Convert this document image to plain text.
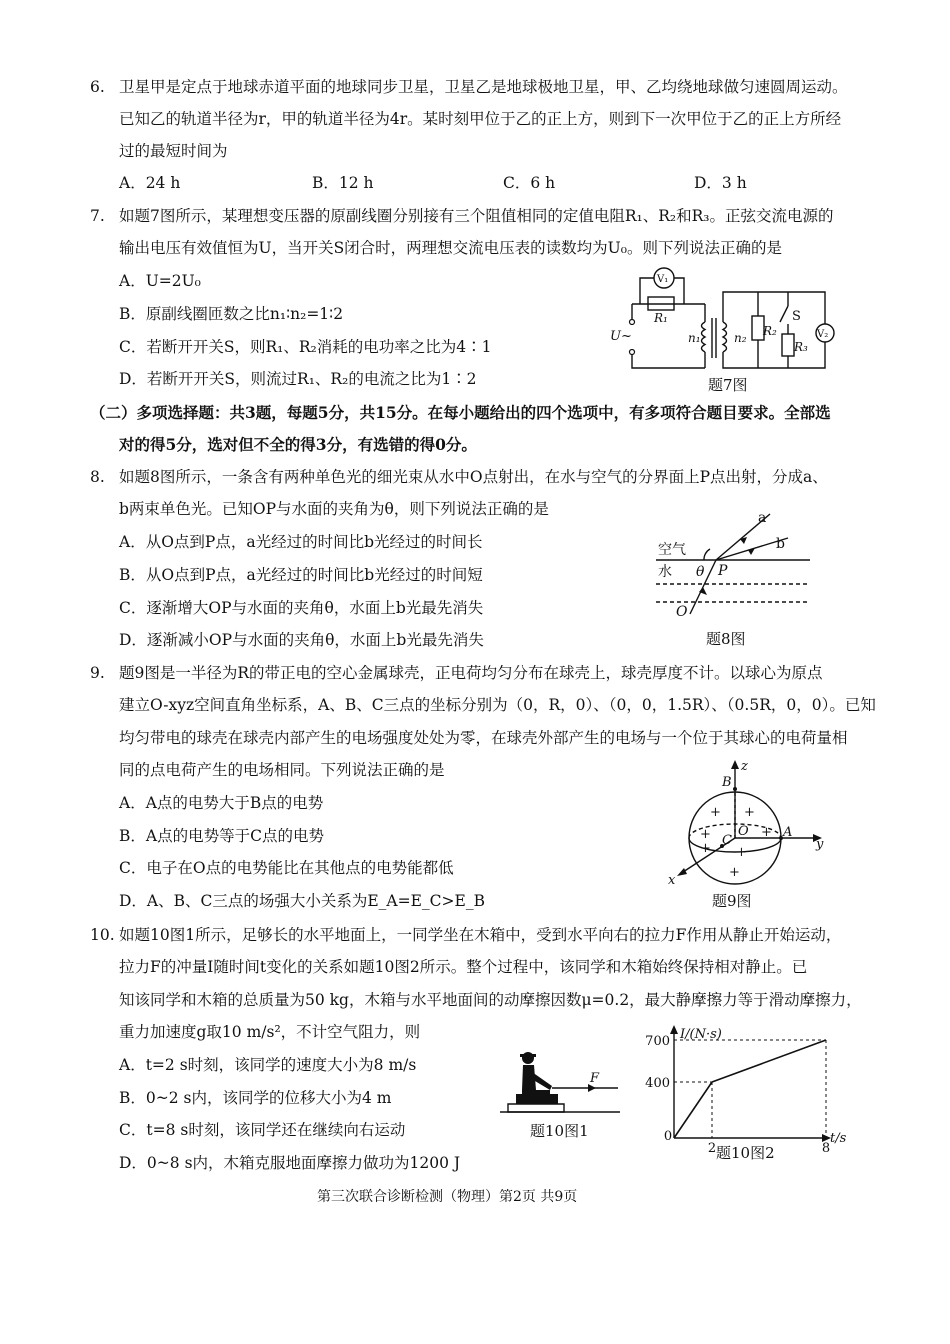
6. 卫星甲是定点于地球赤道平面的地球同步卫星，卫星乙是地球极地卫星，甲、乙均绕地球做匀速圆周运动。
已知乙的轨道半径为r，甲的轨道半径为4r。某时刻甲位于乙的正上方，则到下一次甲位于乙的正上方所经
过的最短时间为
A．24 h	B．12 h	C．6 h	D．3 h
7. 如题7图所示，某理想变压器的原副线圈分别接有三个阻值相同的定值电阻R₁、R₂和R₃。正弦交流电源的
输出电压有效值恒为U，当开关S闭合时，两理想交流电压表的读数均为U₀。则下列说法正确的是
A．U=2U₀
B．原副线圈匝数之比n₁∶n₂=1∶2
C．若断开开关S，则R₁、R₂消耗的电功率之比为4∶1
D．若断开开关S，则流过R₁、R₂的电流之比为1∶2
V₁
V₂
R₁
R₂
R₃
U~	n₁	n₂
S
题7图
（二）多项选择题：共3题，每题5分，共15分。在每小题给出的四个选项中，有多项符合题目要求。全部选
对的得5分，选对但不全的得3分，有选错的得0分。
8. 如题8图所示，一条含有两种单色光的细光束从水中O点射出，在水与空气的分界面上P点出射，分成a、
b两束单色光。已知OP与水面的夹角为θ，则下列说法正确的是
A．从O点到P点，a光经过的时间比b光经过的时间长
B．从O点到P点，a光经过的时间比b光经过的时间短
C．逐渐增大OP与水面的夹角θ，水面上b光最先消失
D．逐渐减小OP与水面的夹角θ，水面上b光最先消失
a
b
空气
水 θ P
O
题8图
9. 题9图是一半径为R的带正电的空心金属球壳，正电荷均匀分布在球壳上，球壳厚度不计。以球心为原点
建立O-xyz空间直角坐标系，A、B、C三点的坐标分别为（0，R，0）、（0，0，1.5R）、（0.5R，0，0）。已知
均匀带电的球壳在球壳内部产生的电场强度处处为零，在球壳外部产生的电场与一个位于其球心的电荷量相
同的点电荷产生的电场相同。下列说法正确的是
A．A点的电势大于B点的电势
B．A点的电势等于C点的电势
C．电子在O点的电势能比在其他点的电势能都低
D．A、B、C三点的场强大小关系为E_A=E_C>E_B
z
y
x
B
A
C
O
+ +
+	+
+ +
+
题9图
10. 如题10图1所示，足够长的水平地面上，一同学坐在木箱中，受到水平向右的拉力F作用从静止开始运动，
拉力F的冲量I随时间t变化的关系如题10图2所示。整个过程中，该同学和木箱始终保持相对静止。已
知该同学和木箱的总质量为50 kg，木箱与水平地面间的动摩擦因数μ=0.2，最大静摩擦力等于滑动摩擦力，
重力加速度g取10 m/s²，不计空气阻力，则
A．t=2 s时刻，该同学的速度大小为8 m/s
B．0~2 s内，该同学的位移大小为4 m
C．t=8 s时刻，该同学还在继续向右运动
D．0~8 s内，木箱克服地面摩擦力做功为1200 J
F
题10图1
400
700
0
2	8
I/(N·s)
t/s
题10图2
第三次联合诊断检测（物理）第2页 共9页
